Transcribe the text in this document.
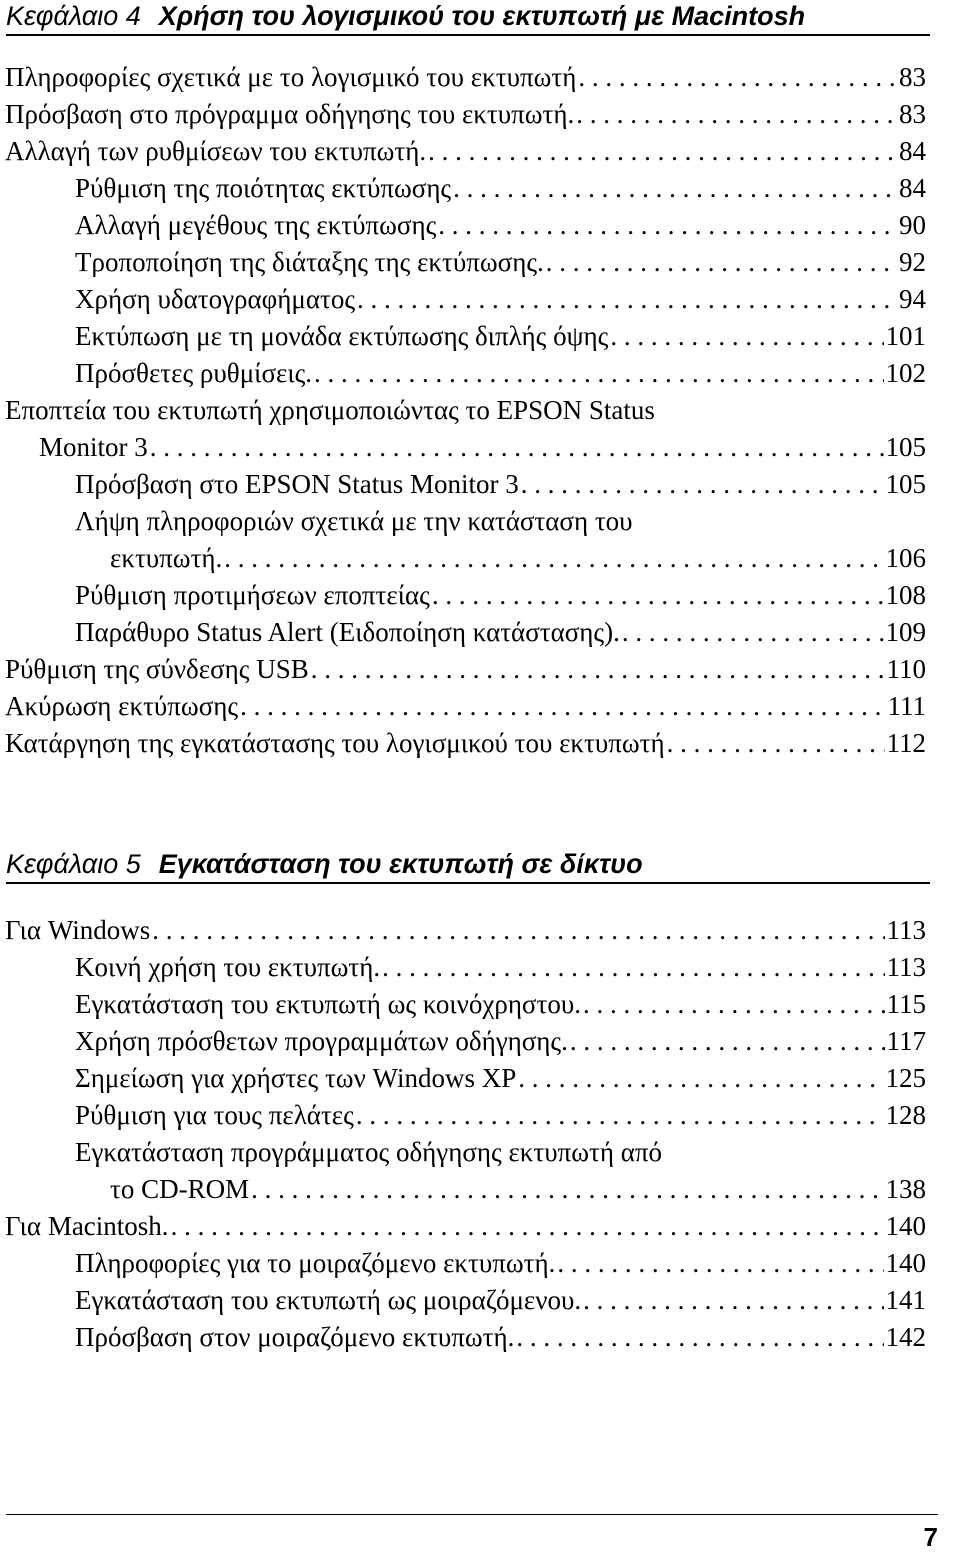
Κεφάλαιο 4 Χρήση του λογισμικού του εκτυπωτή με Macintosh
Πληροφορίες σχετικά με το λογισμικό του εκτυπωτή . . .	83
Πρόσβαση στο πρόγραμμα οδήγησης του εκτυπωτή. . . .	83
Αλλαγή των ρυθμίσεων του εκτυπωτή. . . .	84
Ρύθμιση της ποιότητας εκτύπωσης . . .	84
Αλλαγή μεγέθους της εκτύπωσης . . .	90
Τροποποίηση της διάταξης της εκτύπωσης. . . .	92
Χρήση υδατογραφήματος . . .	94
Εκτύπωση με τη μονάδα εκτύπωσης διπλής όψης . . .	101
Πρόσθετες ρυθμίσεις. . . .	102
Εποπτεία του εκτυπωτή χρησιμοποιώντας το EPSON Status
Monitor 3 . . .	105
Πρόσβαση στο EPSON Status Monitor 3 . . .	105
Λήψη πληροφοριών σχετικά με την κατάσταση του
εκτυπωτή. . . .	106
Ρύθμιση προτιμήσεων εποπτείας . . .	108
Παράθυρο Status Alert (Ειδοποίηση κατάστασης). . . .	109
Ρύθμιση της σύνδεσης USB . . .	110
Ακύρωση εκτύπωσης . . .	111
Κατάργηση της εγκατάστασης του λογισμικού του εκτυπωτή . . .	112
Κεφάλαιο 5 Εγκατάσταση του εκτυπωτή σε δίκτυο
Για Windows . . .	113
Κοινή χρήση του εκτυπωτή. . . .	113
Εγκατάσταση του εκτυπωτή ως κοινόχρηστου. . . .	115
Χρήση πρόσθετων προγραμμάτων οδήγησης. . . .	117
Σημείωση για χρήστες των Windows XP . . .	125
Ρύθμιση για τους πελάτες . . .	128
Εγκατάσταση προγράμματος οδήγησης εκτυπωτή από
το CD-ROM . . .	138
Για Macintosh. . . .	140
Πληροφορίες για το μοιραζόμενο εκτυπωτή. . . .	140
Εγκατάσταση του εκτυπωτή ως μοιραζόμενου. . . .	141
Πρόσβαση στον μοιραζόμενο εκτυπωτή. . . .	142
7
